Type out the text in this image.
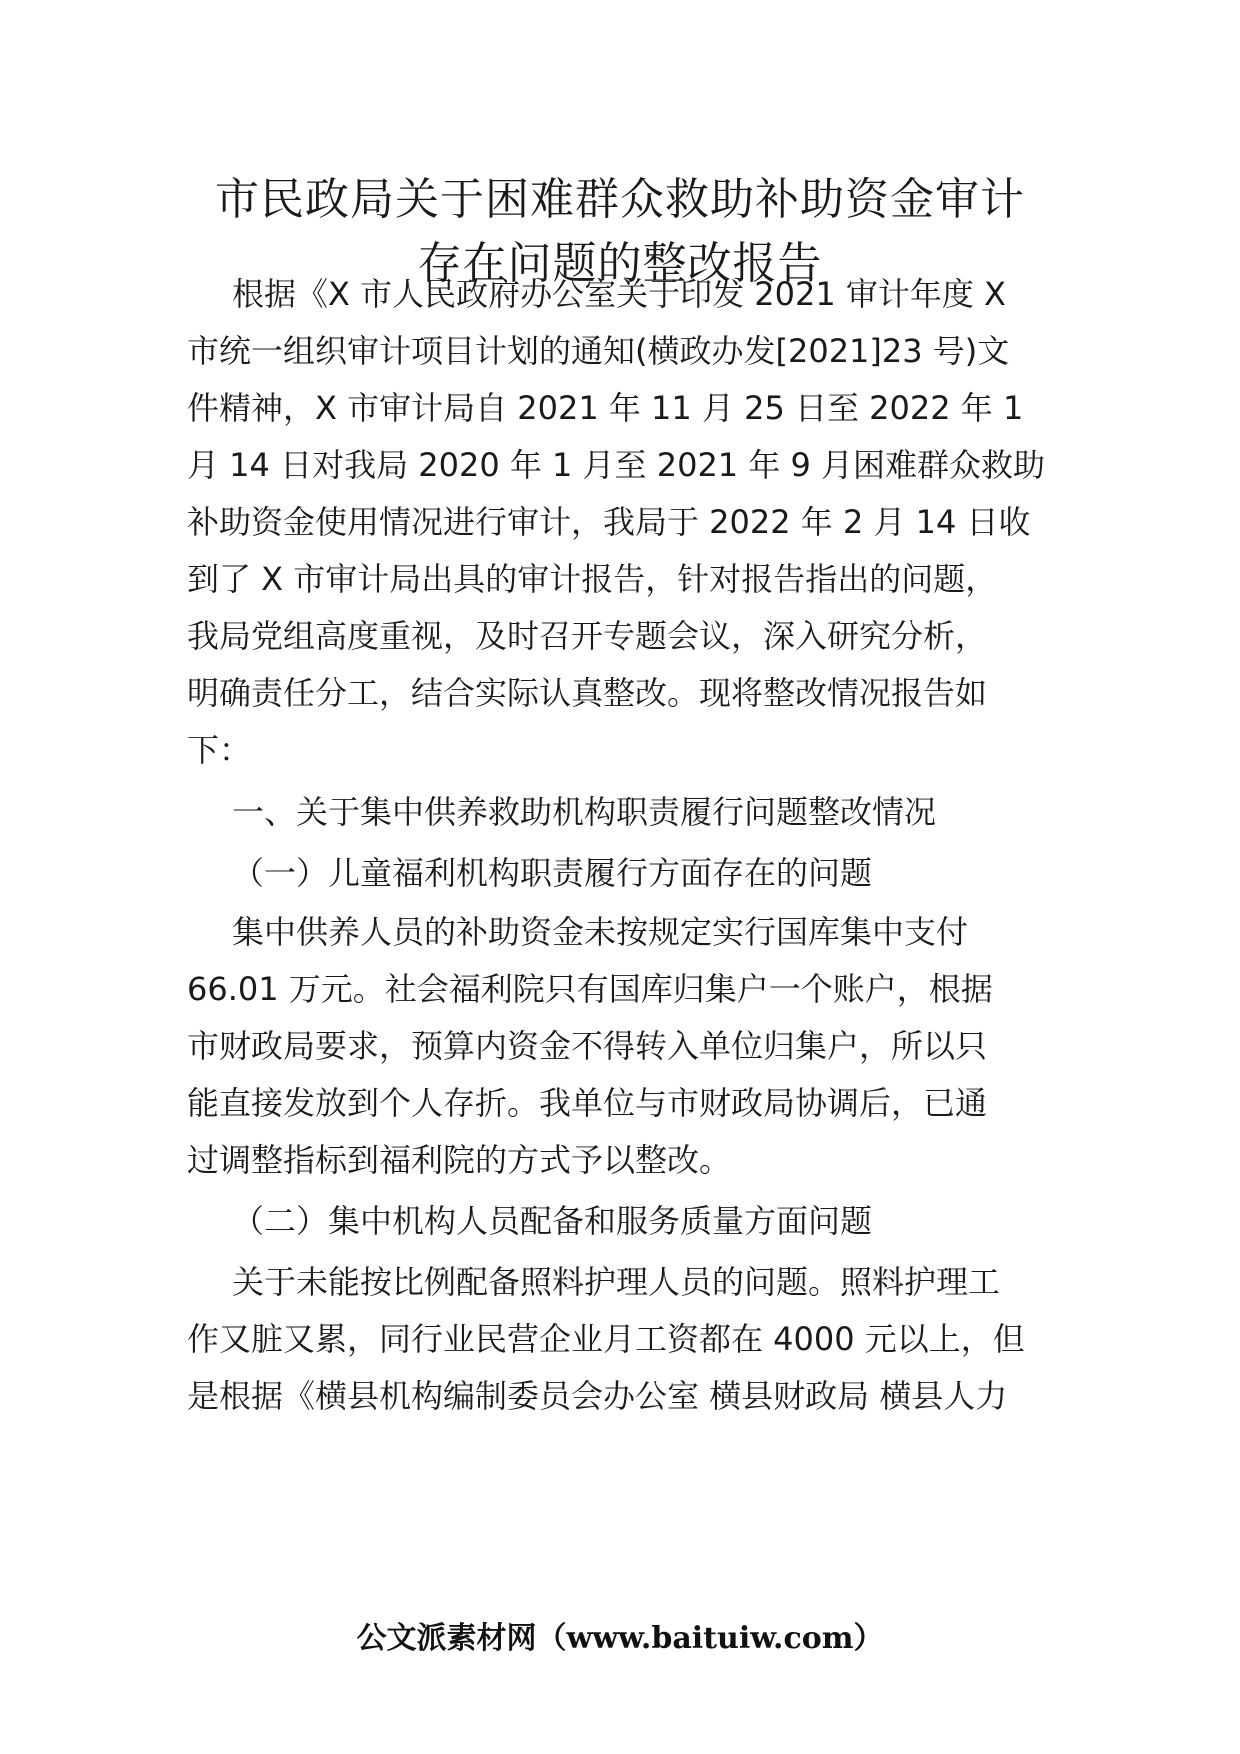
市民政局关于困难群众救助补助资金审计
存在问题的整改报告

根据《X 市人民政府办公室关于印发 2021 审计年度 X

市统一组织审计项目计划的通知(横政办发[2021]23 号)文

件精神，X 市审计局自 2021 年 11 月 25 日至 2022 年 1

月 14 日对我局 2020 年 1 月至 2021 年 9 月困难群众救助

补助资金使用情况进行审计，我局于 2022 年 2 月 14 日收

到了 X 市审计局出具的审计报告，针对报告指出的问题，

我局党组高度重视，及时召开专题会议，深入研究分析，

明确责任分工，结合实际认真整改。现将整改情况报告如

下：

一、关于集中供养救助机构职责履行问题整改情况

（一）儿童福利机构职责履行方面存在的问题

集中供养人员的补助资金未按规定实行国库集中支付

66.01 万元。社会福利院只有国库归集户一个账户，根据

市财政局要求，预算内资金不得转入单位归集户，所以只

能直接发放到个人存折。我单位与市财政局协调后，已通

过调整指标到福利院的方式予以整改。

（二）集中机构人员配备和服务质量方面问题

关于未能按比例配备照料护理人员的问题。照料护理工

作又脏又累，同行业民营企业月工资都在 4000 元以上，但

是根据《横县机构编制委员会办公室 横县财政局 横县人力

公文派素材网（www.baituiw.com）
